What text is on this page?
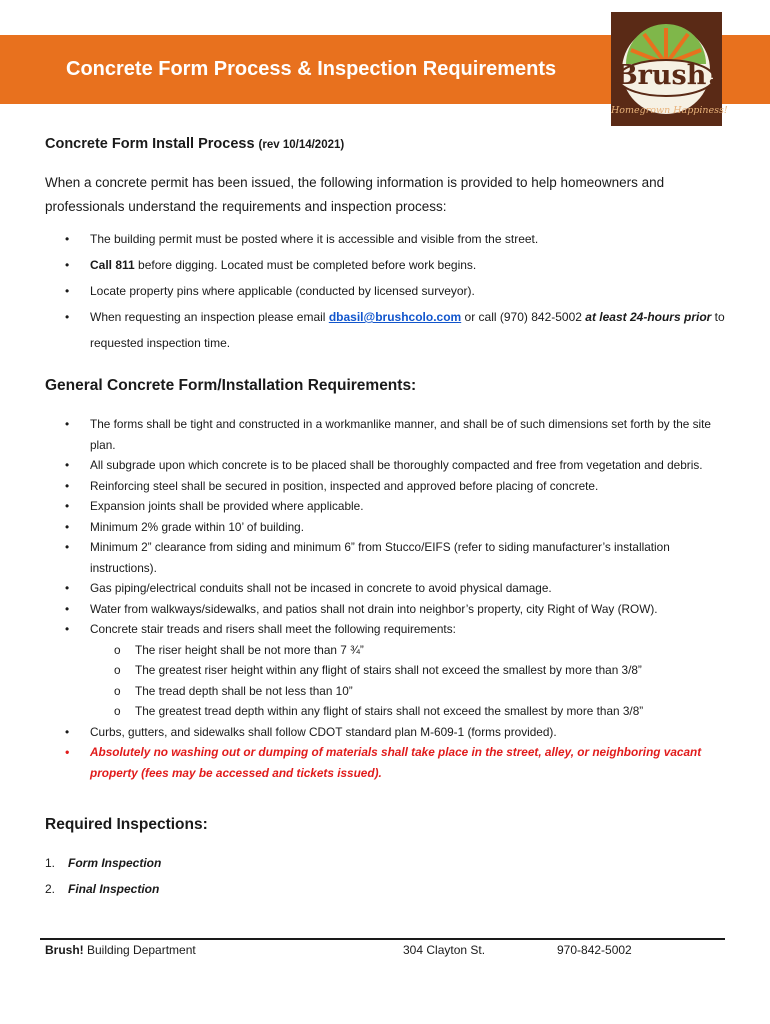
Concrete Form Process & Inspection Requirements Brush!
Homegrown Happiness!
Concrete Form Install Process (rev 10/14/2021)
When a concrete permit has been issued, the following information is provided to help homeowners and professionals understand the requirements and inspection process:
• The building permit must be posted where it is accessible and visible from the street.
• Call 811 before digging. Located must be completed before work begins.
• Locate property pins where applicable (conducted by licensed surveyor).
• When requesting an inspection please email dbasil@brushcolo.com or call (970) 842-5002 at least 24-hours prior to requested inspection time.
General Concrete Form/Installation Requirements:
• The forms shall be tight and constructed in a workmanlike manner, and shall be of such dimensions set forth by the site plan.
• All subgrade upon which concrete is to be placed shall be thoroughly compacted and free from vegetation and debris.
• Reinforcing steel shall be secured in position, inspected and approved before placing of concrete.
• Expansion joints shall be provided where applicable.
• Minimum 2% grade within 10’ of building.
• Minimum 2” clearance from siding and minimum 6” from Stucco/EIFS (refer to siding manufacturer’s installation instructions).
• Gas piping/electrical conduits shall not be incased in concrete to avoid physical damage.
• Water from walkways/sidewalks, and patios shall not drain into neighbor’s property, city Right of Way (ROW).
• Concrete stair treads and risers shall meet the following requirements:
o The riser height shall be not more than 7 ¾”
o The greatest riser height within any flight of stairs shall not exceed the smallest by more than 3/8”
o The tread depth shall be not less than 10”
o The greatest tread depth within any flight of stairs shall not exceed the smallest by more than 3/8”
• Curbs, gutters, and sidewalks shall follow CDOT standard plan M-609-1 (forms provided).
• Absolutely no washing out or dumping of materials shall take place in the street, alley, or neighboring vacant property (fees may be accessed and tickets issued).
Required Inspections:
1. Form Inspection
2. Final Inspection
Brush! Building Department	304 Clayton St.	970-842-5002
